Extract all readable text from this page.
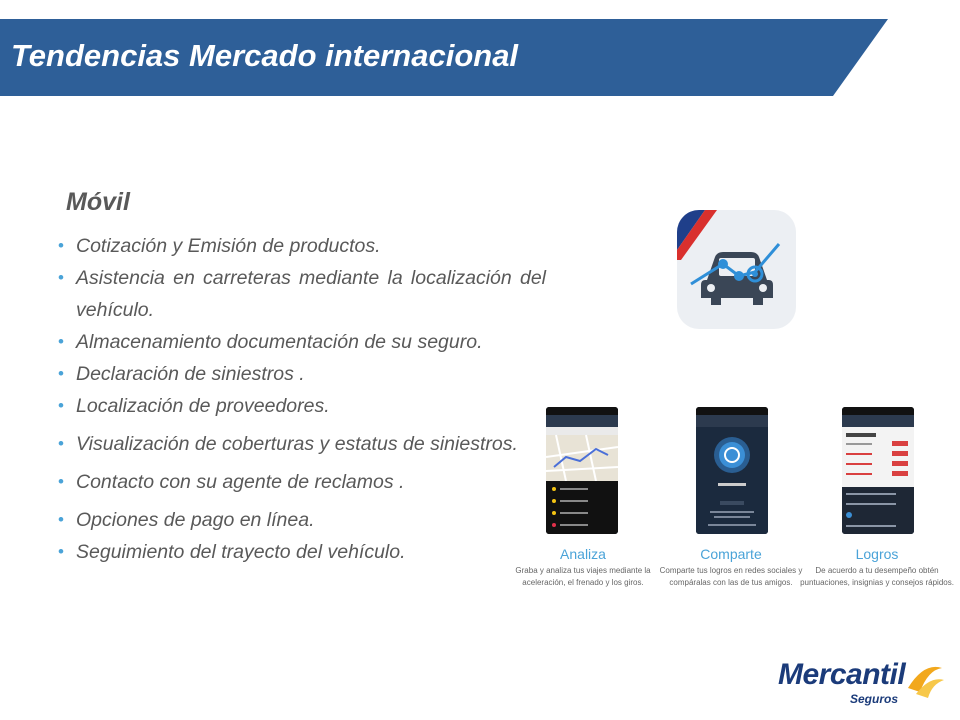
Tendencias Mercado internacional
Móvil
• Cotización y Emisión de productos.
• Asistencia en carreteras mediante la localización del vehículo.
• Almacenamiento documentación de su seguro.
• Declaración de siniestros .
• Localización de proveedores.
• Visualización de coberturas y estatus de siniestros.
• Contacto con su agente de reclamos .
• Opciones de pago en línea.
• Seguimiento del trayecto del vehículo.	Analiza
Graba y analiza tus viajes mediante la aceleración, el frenado y los giros.
Comparte
Comparte tus logros en redes sociales y compáralas con las de tus amigos.
Logros
De acuerdo a tu desempeño obtén puntuaciones, insignias y consejos rápidos.
Mercantil
Seguros
